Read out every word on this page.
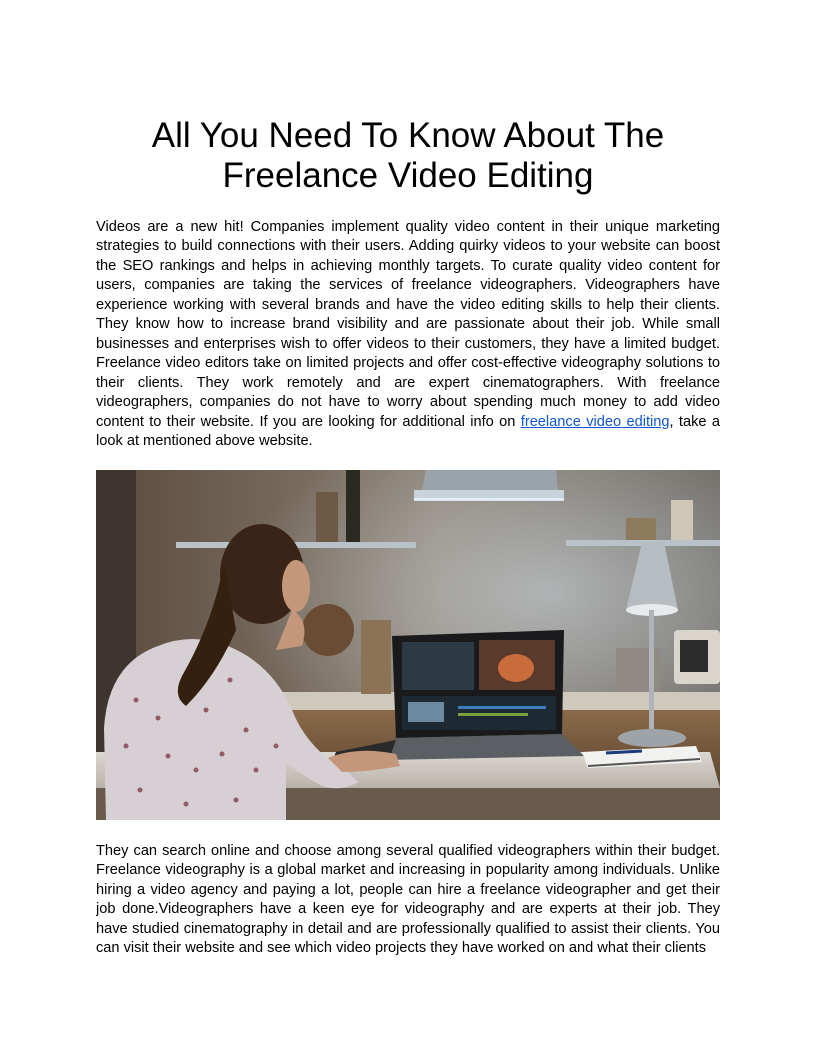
All You Need To Know About The
Freelance Video Editing

Videos are a new hit! Companies implement quality video content in their unique marketing strategies to build connections with their users. Adding quirky videos to your website can boost the SEO rankings and helps in achieving monthly targets. To curate quality video content for users, companies are taking the services of freelance videographers. Videographers have experience working with several brands and have the video editing skills to help their clients. They know how to increase brand visibility and are passionate about their job. While small businesses and enterprises wish to offer videos to their customers, they have a limited budget. Freelance video editors take on limited projects and offer cost-effective videography solutions to their clients. They work remotely and are expert cinematographers. With freelance videographers, companies do not have to worry about spending much money to add video content to their website. If you are looking for additional info on freelance video editing, take a look at mentioned above website.

They can search online and choose among several qualified videographers within their budget. Freelance videography is a global market and increasing in popularity among individuals. Unlike hiring a video agency and paying a lot, people can hire a freelance videographer and get their job done.Videographers have a keen eye for videography and are experts at their job. They have studied cinematography in detail and are professionally qualified to assist their clients. You can visit their website and see which video projects they have worked on and what their clients
